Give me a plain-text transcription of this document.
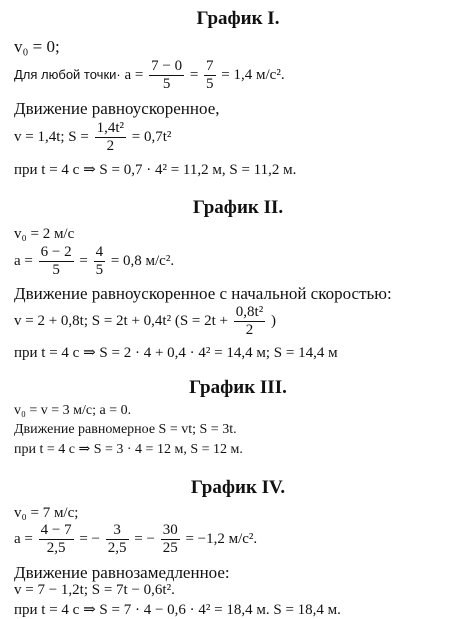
График I.
v₀ = 0;
Для любой точки· $a = \frac{7 - 0}{5} = \frac{7}{5} = 1,4$ м/с².
Движение равноускоренное,
v = 1,4t; $S = \frac{\text{1,4t²}}{2} = 0,7t^2$
при t = 4 с ⇒ S = 0,7 · 4² = 11,2 м, S = 11,2 м.
График II.
v₀ = 2 м/с
$a = \frac{6 - 2}{5} = \frac{4}{5} = 0,8$ м/с².
Движение равноускоренное с начальной скоростью:
v = 2 + 0,8t; S = 2t + 0,4t² ($S = 2t + \frac{\text{0,8t²}}{2}$ )
при t = 4 с ⇒ S = 2 · 4 + 0,4 · 4² = 14,4 м; S = 14,4 м
График III.
v₀ = v = 3 м/с; a = 0.
Движение равномерное S = vt; S = 3t.
при t = 4 с ⇒ S = 3 · 4 = 12 м, S = 12 м.
График IV.
v₀ = 7 м/с;
$a = \frac{4 - 7}{2,5}$ = − $\frac{3}{2,5}$ = − $\frac{30}{25} = -1,2$ м/с².
Движение равнозамедленное:
v = 7 − 1,2t; S = 7t − 0,6t².
при t = 4 с ⇒ S = 7 · 4 − 0,6 · 4² = 18,4 м. S = 18,4 м.
